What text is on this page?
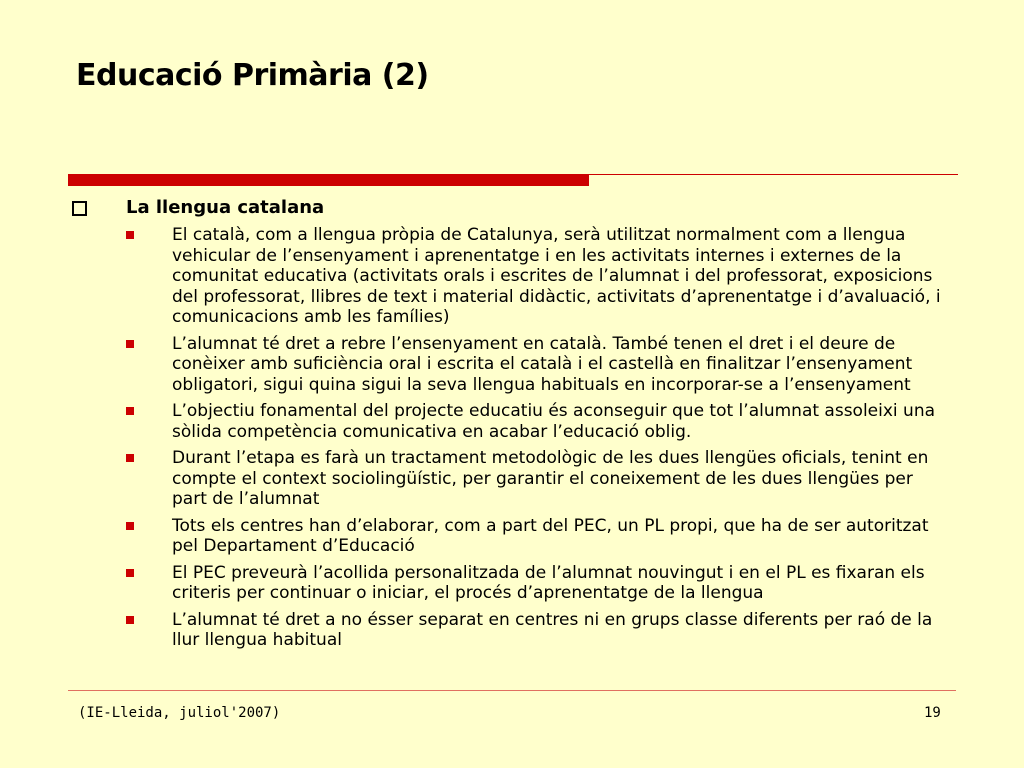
Educació Primària (2)
La llengua catalana
El català, com a llengua pròpia de Catalunya, serà utilitzat normalment com a llengua vehicular de l’ensenyament i aprenentatge i en les activitats internes i externes de la comunitat educativa (activitats orals i escrites de l’alumnat i del professorat, exposicions del professorat, llibres de text i material didàctic, activitats d’aprenentatge i d’avaluació, i comunicacions amb les famílies)
L’alumnat té dret a rebre l’ensenyament en català. També tenen el dret i el deure de conèixer amb suficiència oral i escrita el català i el castellà en finalitzar l’ensenyament obligatori, sigui quina sigui la seva llengua habituals en incorporar-se a l’ensenyament
L’objectiu fonamental del projecte educatiu és aconseguir que tot l’alumnat assoleixi una sòlida competència comunicativa en acabar l’educació oblig.
Durant l’etapa es farà un tractament metodològic de les dues llengües oficials, tenint en compte el context sociolingüístic, per garantir el coneixement de les dues llengües per part de l’alumnat
Tots els centres han d’elaborar, com a part del PEC, un PL propi, que ha de ser autoritzat pel Departament d’Educació
El PEC preveurà l’acollida personalitzada de l’alumnat nouvingut i en el PL es fixaran els criteris per continuar o iniciar, el procés d’aprenentatge de la llengua
L’alumnat té dret a no ésser separat en centres ni en grups classe diferents per raó de la llur llengua habitual
(IE-Lleida, juliol'2007)	19
